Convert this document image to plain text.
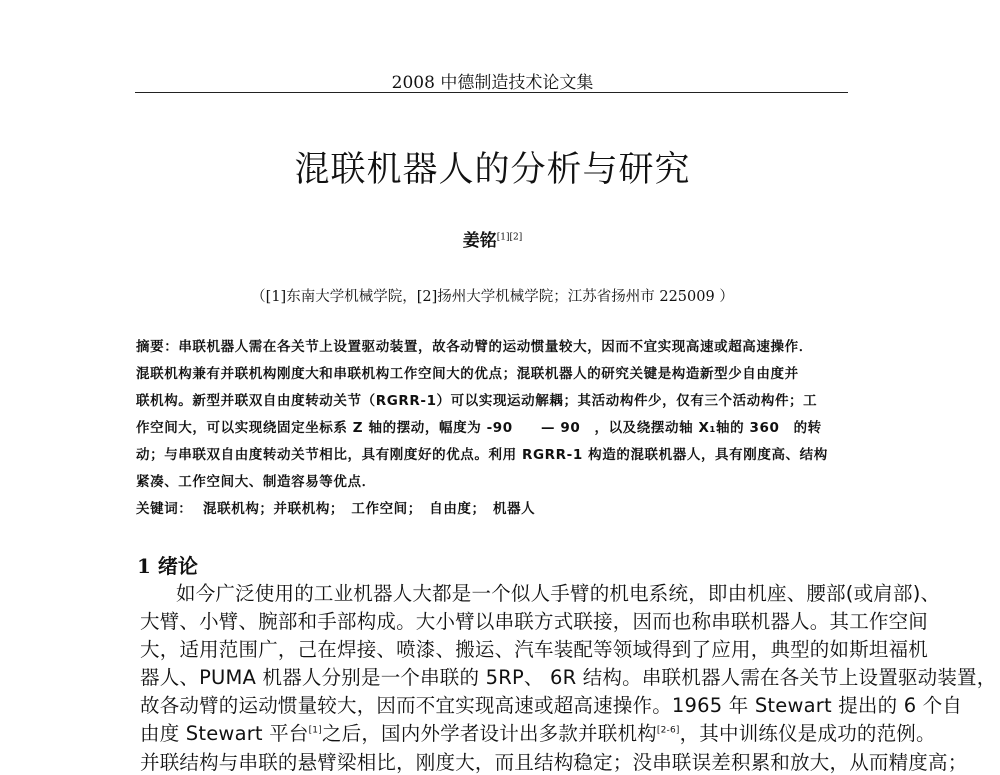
2008 中德制造技术论文集
混联机器人的分析与研究
姜铭[1][2]
（[1]东南大学机械学院，[2]扬州大学机械学院；江苏省扬州市 225009 ）
摘要：串联机器人需在各关节上设置驱动装置，故各动臂的运动惯量较大，因而不宜实现高速或超高速操作．
混联机构兼有并联机构刚度大和串联机构工作空间大的优点；混联机器人的研究关键是构造新型少自由度并
联机构。新型并联双自由度转动关节（RGRR-1）可以实现运动解耦；其活动构件少，仅有三个活动构件；工
作空间大，可以实现绕固定坐标系 Z 轴的摆动，幅度为 -90　　— 90　，以及绕摆动轴 X₁轴的 360　的转
动；与串联双自由度转动关节相比，具有刚度好的优点。利用 RGRR-1 构造的混联机器人，具有刚度高、结构
紧凑、工作空间大、制造容易等优点．
关键词： 混联机构；并联机构；　工作空间；　自由度；　机器人
1 绪论
如今广泛使用的工业机器人大都是一个似人手臂的机电系统，即由机座、腰部(或肩部)、
大臂、小臂、腕部和手部构成。大小臂以串联方式联接，因而也称串联机器人。其工作空间
大，适用范围广，己在焊接、喷漆、搬运、汽车装配等领域得到了应用，典型的如斯坦福机
器人、PUMA 机器人分别是一个串联的 5RP、 6R 结构。串联机器人需在各关节上设置驱动装置，
故各动臂的运动惯量较大，因而不宜实现高速或超高速操作。1965 年 Stewart 提出的 6 个自
由度 Stewart 平台[1]之后，国内外学者设计出多款并联机构[2-6]，其中训练仪是成功的范例。
并联结构与串联的悬臂梁相比，刚度大，而且结构稳定；没串联误差积累和放大，从而精度高；
